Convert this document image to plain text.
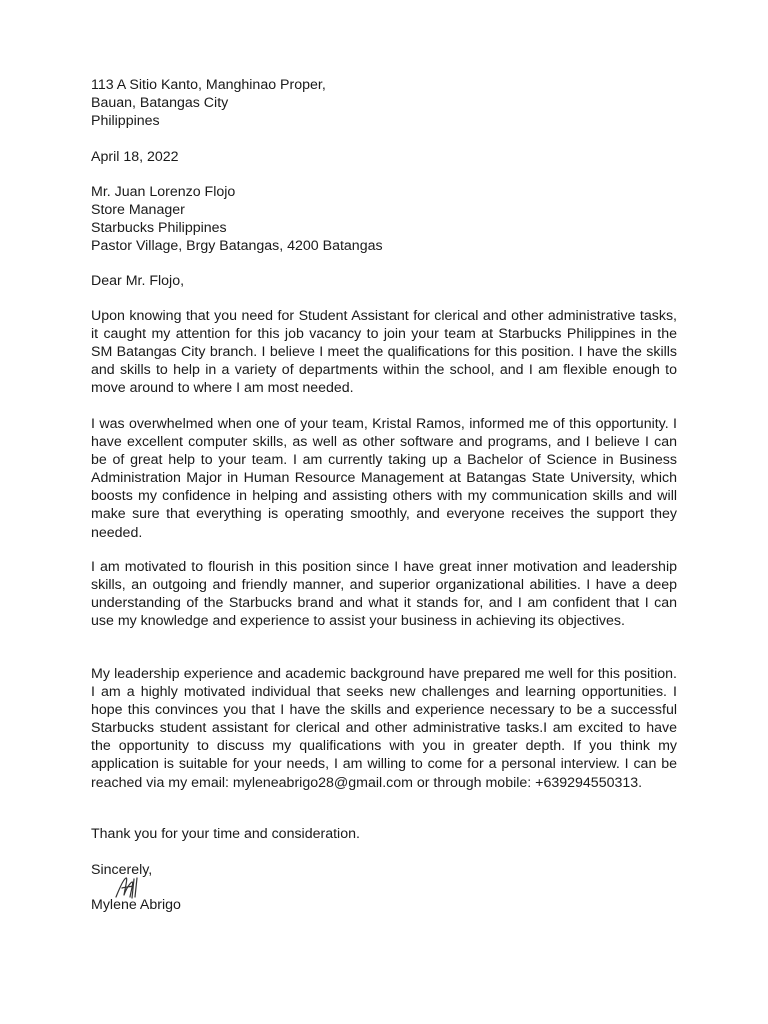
113 A Sitio Kanto, Manghinao Proper,
Bauan, Batangas City
Philippines
April 18, 2022
Mr. Juan Lorenzo Flojo
Store Manager
Starbucks Philippines
Pastor Village, Brgy Batangas, 4200 Batangas
Dear Mr. Flojo,

Upon knowing that you need for Student Assistant for clerical and other administrative tasks, it caught my attention for this job vacancy to join your team at Starbucks Philippines in the SM Batangas City branch. I believe I meet the qualifications for this position. I have the skills and skills to help in a variety of departments within the school, and I am flexible enough to move around to where I am most needed.

I was overwhelmed when one of your team, Kristal Ramos, informed me of this opportunity. I have excellent computer skills, as well as other software and programs, and I believe I can be of great help to your team. I am currently taking up a Bachelor of Science in Business Administration Major in Human Resource Management at Batangas State University, which boosts my confidence in helping and assisting others with my communication skills and will make sure that everything is operating smoothly, and everyone receives the support they needed.

I am motivated to flourish in this position since I have great inner motivation and leadership skills, an outgoing and friendly manner, and superior organizational abilities. I have a deep understanding of the Starbucks brand and what it stands for, and I am confident that I can use my knowledge and experience to assist your business in achieving its objectives.

My leadership experience and academic background have prepared me well for this position. I am a highly motivated individual that seeks new challenges and learning opportunities. I hope this convinces you that I have the skills and experience necessary to be a successful Starbucks student assistant for clerical and other administrative tasks.I am excited to have the opportunity to discuss my qualifications with you in greater depth. If you think my application is suitable for your needs, I am willing to come for a personal interview. I can be reached via my email: myleneabrigo28@gmail.com or through mobile: +639294550313.

Thank you for your time and consideration.

Sincerely,
Mylene Abrigo
